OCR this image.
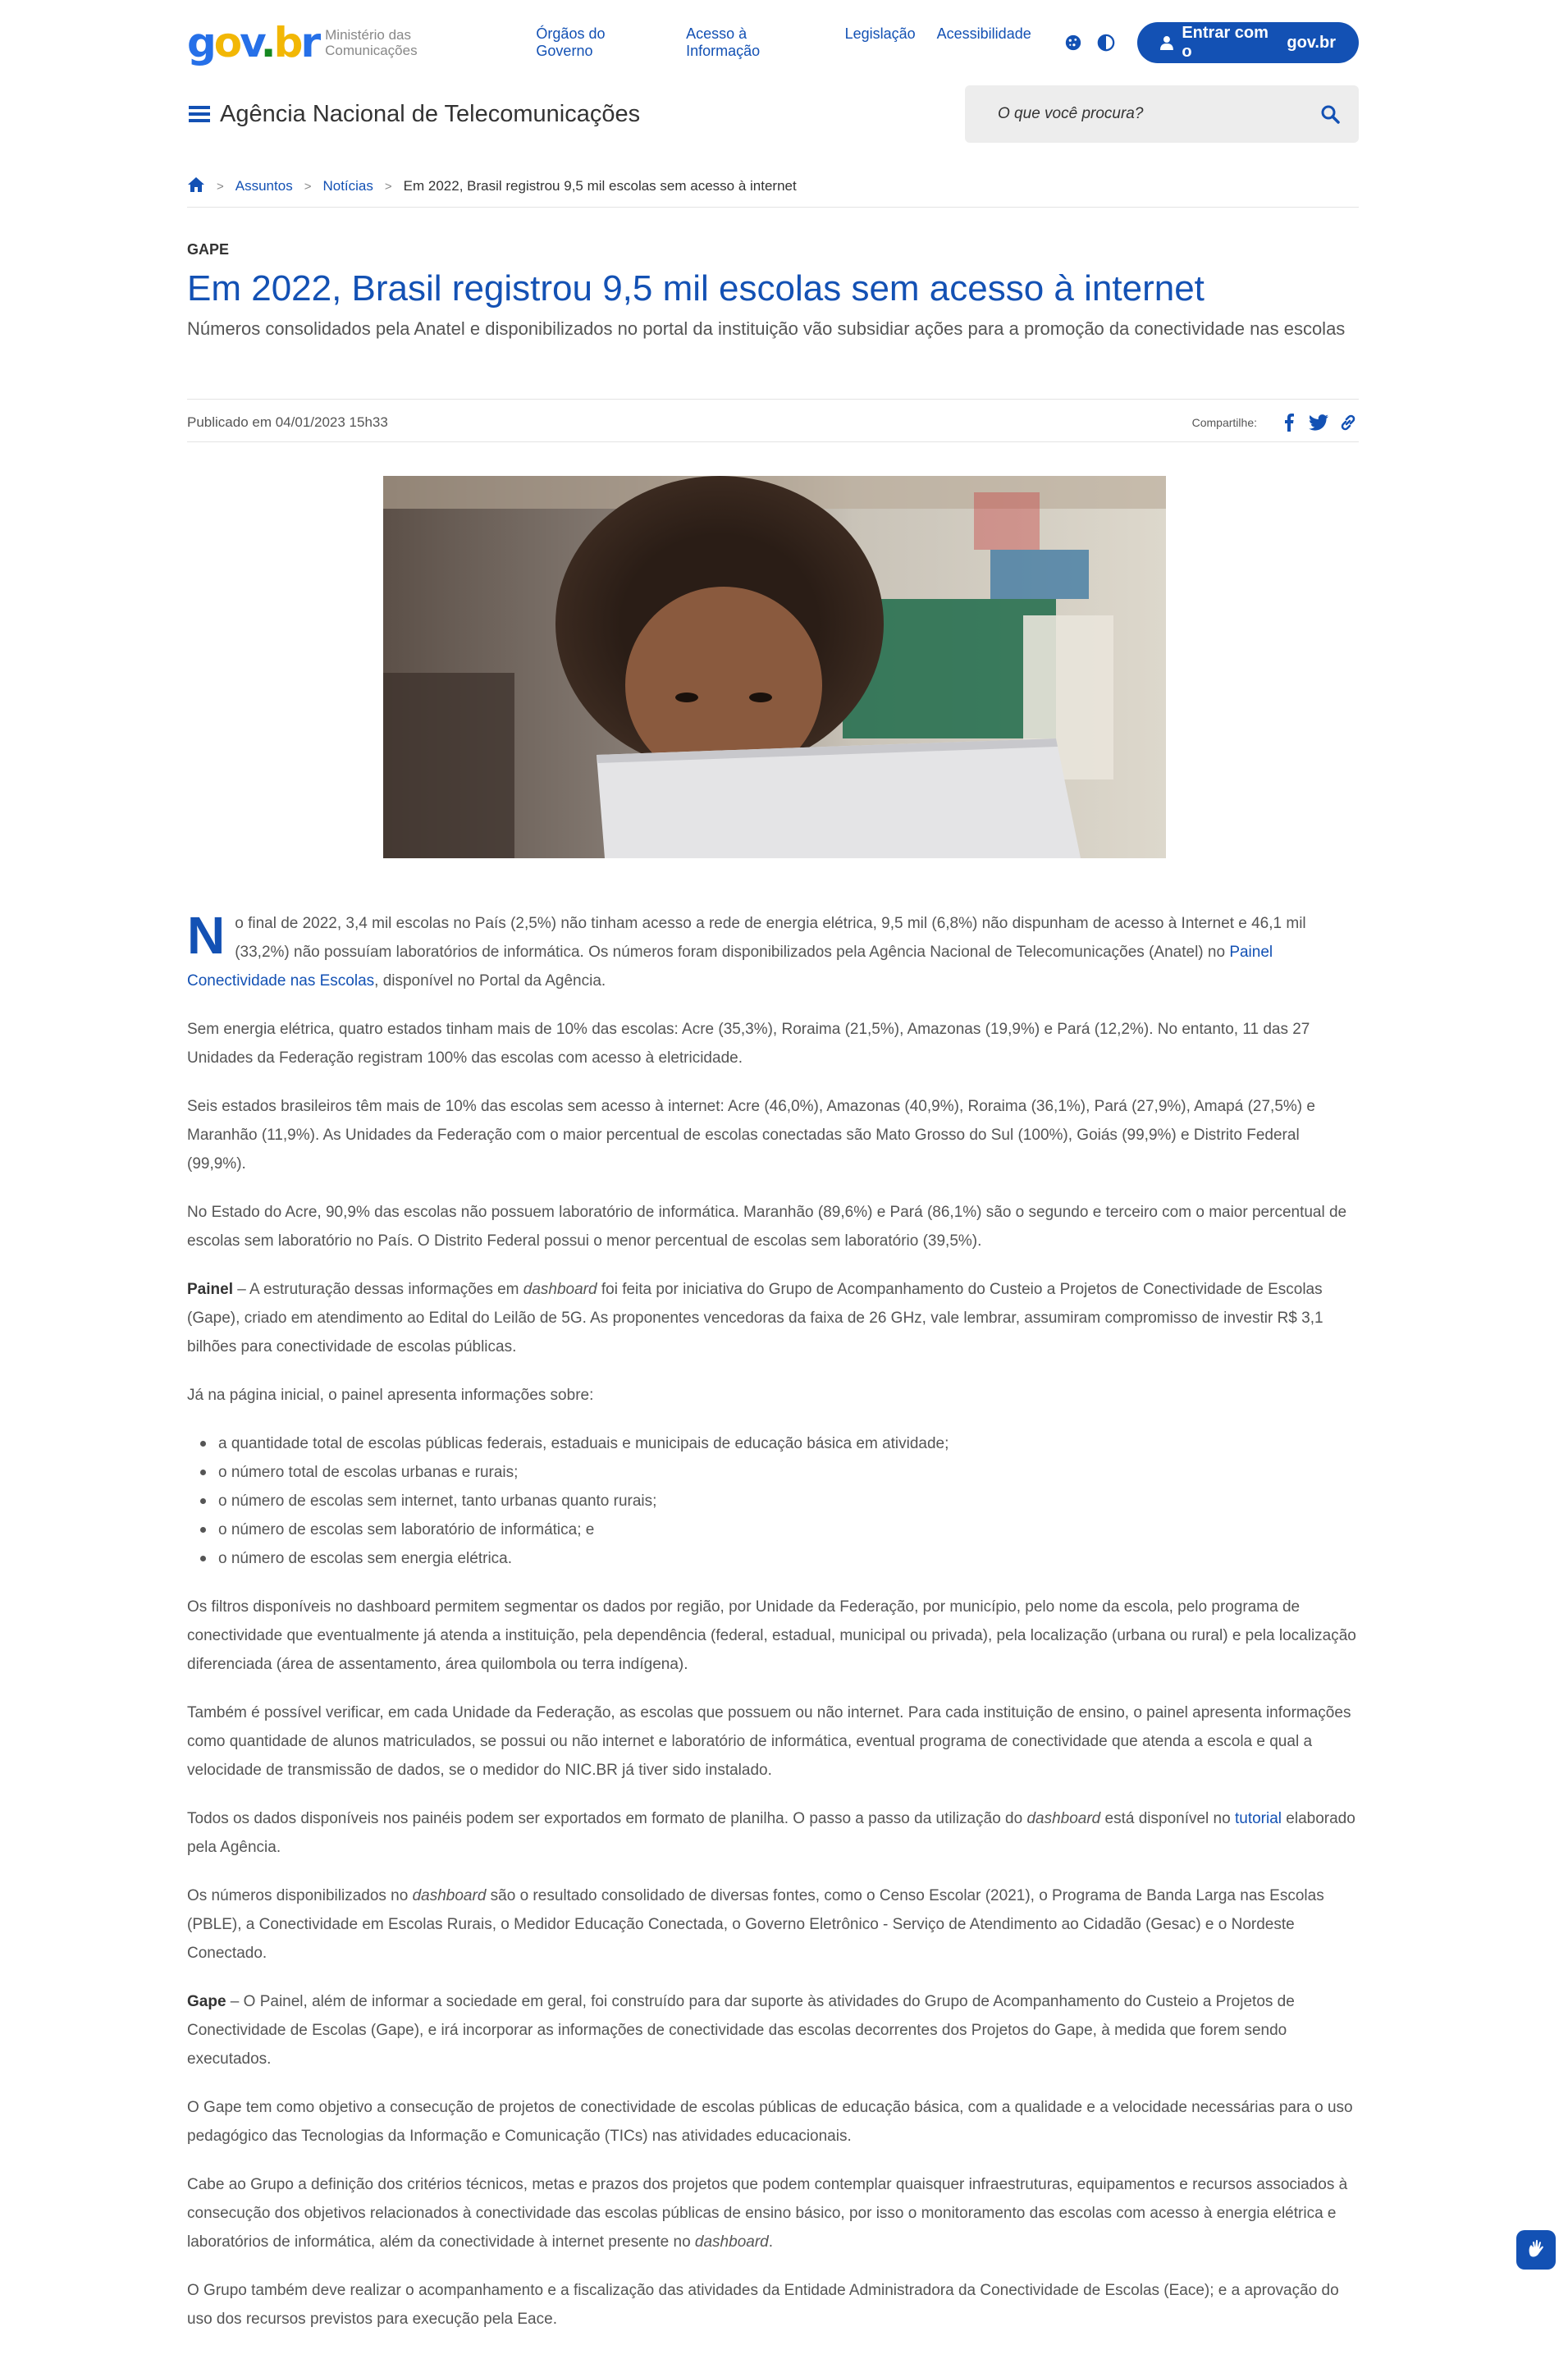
gov.br Ministério das Comunicações
Órgãos do Governo
Acesso à Informação
Legislação Acessibilidade	Entrar com o

gov.br
Agência Nacional de Telecomunicações
O que você procura?
> Assuntos > Notícias > Em 2022, Brasil registrou 9,5 mil escolas sem acesso à internet
GAPE
Em 2022, Brasil registrou 9,5 mil escolas sem acesso à internet
Números consolidados pela Anatel e disponibilizados no portal da instituição vão subsidiar ações para a promoção da conectividade nas escolas
Publicado em 04/01/2023 15h33	Compartilhe:

No final de 2022, 3,4 mil escolas no País (2,5%) não tinham acesso a rede de energia elétrica, 9,5 mil (6,8%) não dispunham de acesso à Internet e 46,1 mil (33,2%) não possuíam laboratórios de informática. Os números foram disponibilizados pela Agência Nacional de Telecomunicações (Anatel) no Painel Conectividade nas Escolas, disponível no Portal da Agência.

Sem energia elétrica, quatro estados tinham mais de 10% das escolas: Acre (35,3%), Roraima (21,5%), Amazonas (19,9%) e Pará (12,2%). No entanto, 11 das 27 Unidades da Federação registram 100% das escolas com acesso à eletricidade.

Seis estados brasileiros têm mais de 10% das escolas sem acesso à internet: Acre (46,0%), Amazonas (40,9%), Roraima (36,1%), Pará (27,9%), Amapá (27,5%) e Maranhão (11,9%). As Unidades da Federação com o maior percentual de escolas conectadas são Mato Grosso do Sul (100%), Goiás (99,9%) e Distrito Federal (99,9%).

No Estado do Acre, 90,9% das escolas não possuem laboratório de informática. Maranhão (89,6%) e Pará (86,1%) são o segundo e terceiro com o maior percentual de escolas sem laboratório no País. O Distrito Federal possui o menor percentual de escolas sem laboratório (39,5%).

Painel – A estruturação dessas informações em dashboard foi feita por iniciativa do Grupo de Acompanhamento do Custeio a Projetos de Conectividade de Escolas (Gape), criado em atendimento ao Edital do Leilão de 5G. As proponentes vencedoras da faixa de 26 GHz, vale lembrar, assumiram compromisso de investir R$ 3,1 bilhões para conectividade de escolas públicas.

Já na página inicial, o painel apresenta informações sobre:

a quantidade total de escolas públicas federais, estaduais e municipais de educação básica em atividade;
o número total de escolas urbanas e rurais;
o número de escolas sem internet, tanto urbanas quanto rurais;
o número de escolas sem laboratório de informática; e
o número de escolas sem energia elétrica.

Os filtros disponíveis no dashboard permitem segmentar os dados por região, por Unidade da Federação, por município, pelo nome da escola, pelo programa de conectividade que eventualmente já atenda a instituição, pela dependência (federal, estadual, municipal ou privada), pela localização (urbana ou rural) e pela localização diferenciada (área de assentamento, área quilombola ou terra indígena).

Também é possível verificar, em cada Unidade da Federação, as escolas que possuem ou não internet. Para cada instituição de ensino, o painel apresenta informações como quantidade de alunos matriculados, se possui ou não internet e laboratório de informática, eventual programa de conectividade que atenda a escola e qual a velocidade de transmissão de dados, se o medidor do NIC.BR já tiver sido instalado.

Todos os dados disponíveis nos painéis podem ser exportados em formato de planilha. O passo a passo da utilização do dashboard está disponível no tutorial elaborado pela Agência.

Os números disponibilizados no dashboard são o resultado consolidado de diversas fontes, como o Censo Escolar (2021), o Programa de Banda Larga nas Escolas (PBLE), a Conectividade em Escolas Rurais, o Medidor Educação Conectada, o Governo Eletrônico - Serviço de Atendimento ao Cidadão (Gesac) e o Nordeste Conectado.

Gape – O Painel, além de informar a sociedade em geral, foi construído para dar suporte às atividades do Grupo de Acompanhamento do Custeio a Projetos de Conectividade de Escolas (Gape), e irá incorporar as informações de conectividade das escolas decorrentes dos Projetos do Gape, à medida que forem sendo executados.

O Gape tem como objetivo a consecução de projetos de conectividade de escolas públicas de educação básica, com a qualidade e a velocidade necessárias para o uso pedagógico das Tecnologias da Informação e Comunicação (TICs) nas atividades educacionais.

Cabe ao Grupo a definição dos critérios técnicos, metas e prazos dos projetos que podem contemplar quaisquer infraestruturas, equipamentos e recursos associados à consecução dos objetivos relacionados à conectividade das escolas públicas de ensino básico, por isso o monitoramento das escolas com acesso à energia elétrica e laboratórios de informática, além da conectividade à internet presente no dashboard.

O Grupo também deve realizar o acompanhamento e a fiscalização das atividades da Entidade Administradora da Conectividade de Escolas (Eace); e a aprovação do uso dos recursos previstos para execução pela Eace.
